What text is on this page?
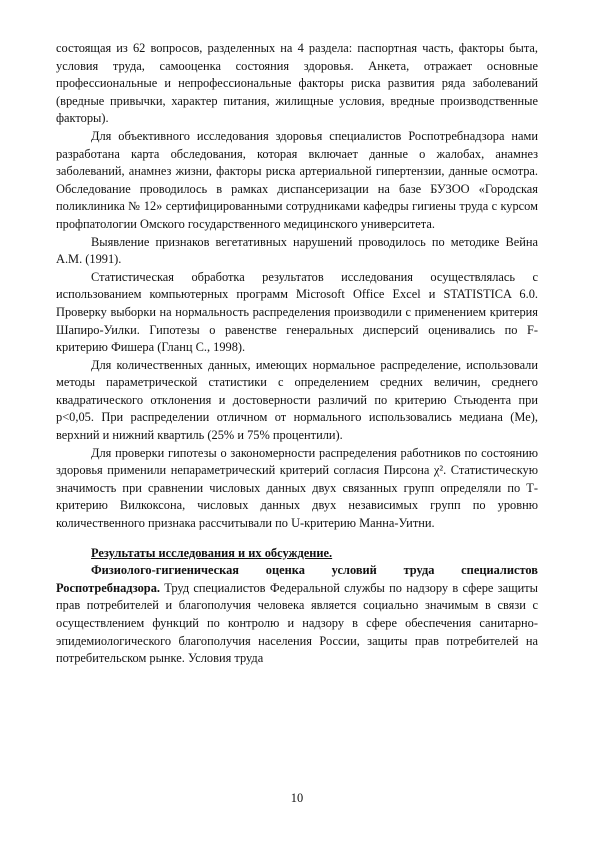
состоящая из 62 вопросов, разделенных на 4 раздела: паспортная часть, факторы быта, условия труда, самооценка состояния здоровья. Анкета, отражает основные профессиональные и непрофессиональные факторы риска развития ряда заболеваний (вредные привычки, характер питания, жилищные условия, вредные производственные факторы).

Для объективного исследования здоровья специалистов Роспотребнадзора нами разработана карта обследования, которая включает данные о жалобах, анамнез заболеваний, анамнез жизни, факторы риска артериальной гипертензии, данные осмотра. Обследование проводилось в рамках диспансеризации на базе БУЗОО «Городская поликлиника № 12» сертифицированными сотрудниками кафедры гигиены труда с курсом профпатологии Омского государственного медицинского университета.

Выявление признаков вегетативных нарушений проводилось по методике Вейна А.М. (1991).

Статистическая обработка результатов исследования осуществлялась с использованием компьютерных программ Microsoft Office Excel и STATISTICA 6.0. Проверку выборки на нормальность распределения производили с применением критерия Шапиро-Уилки. Гипотезы о равенстве генеральных дисперсий оценивались по F-критерию Фишера (Гланц С., 1998).

Для количественных данных, имеющих нормальное распределение, использовали методы параметрической статистики с определением средних величин, среднего квадратического отклонения и достоверности различий по критерию Стьюдента при p<0,05. При распределении отличном от нормального использовались медиана (Ме), верхний и нижний квартиль (25% и 75% процентили).

Для проверки гипотезы о закономерности распределения работников по состоянию здоровья применили непараметрический критерий согласия Пирсона χ². Статистическую значимость при сравнении числовых данных двух связанных групп определяли по Т-критерию Вилкоксона, числовых данных двух независимых групп по уровню количественного признака рассчитывали по U-критерию Манна-Уитни.

Результаты исследования и их обсуждение.

Физиолого-гигиеническая оценка условий труда специалистов Роспотребнадзора. Труд специалистов Федеральной службы по надзору в сфере защиты прав потребителей и благополучия человека является социально значимым в связи с осуществлением функций по контролю и надзору в сфере обеспечения санитарно-эпидемиологического благополучия населения России, защиты прав потребителей на потребительском рынке. Условия труда

10
